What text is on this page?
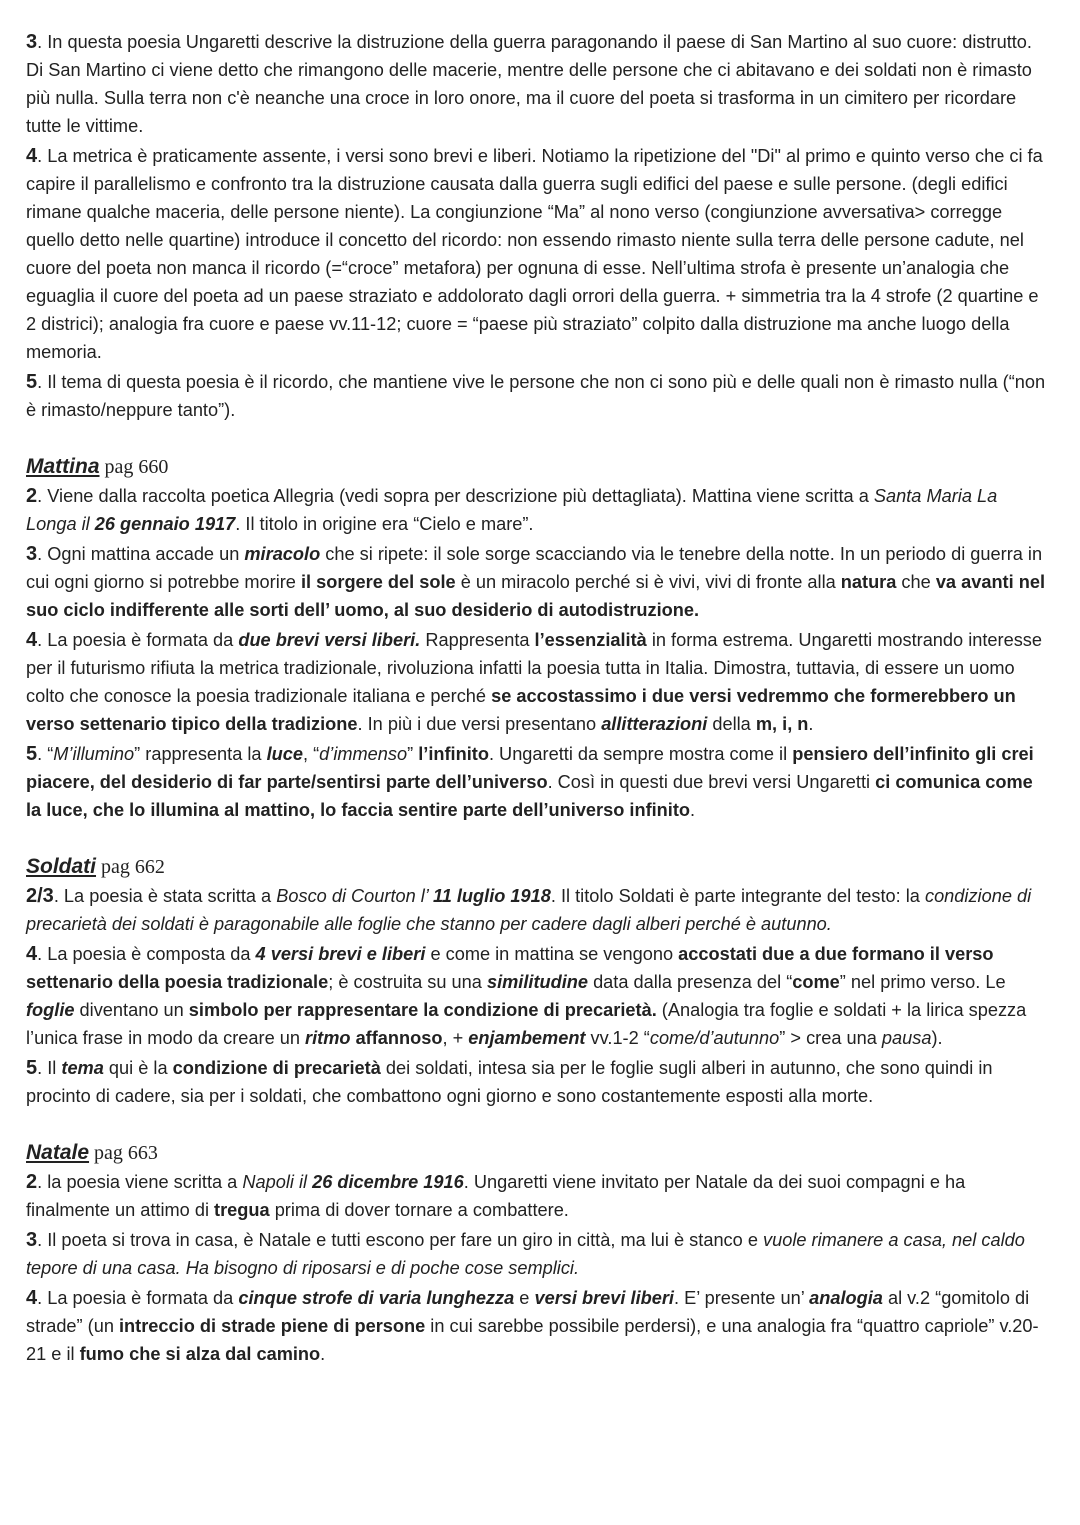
3. In questa poesia Ungaretti descrive la distruzione della guerra paragonando il paese di San Martino al suo cuore: distrutto. Di San Martino ci viene detto che rimangono delle macerie, mentre delle persone che ci abitavano e dei soldati non è rimasto più nulla. Sulla terra non c'è neanche una croce in loro onore, ma il cuore del poeta si trasforma in un cimitero per ricordare tutte le vittime.

4. La metrica è praticamente assente, i versi sono brevi e liberi. Notiamo la ripetizione del "Di" al primo e quinto verso che ci fa capire il parallelismo e confronto tra la distruzione causata dalla guerra sugli edifici del paese e sulle persone. (degli edifici rimane qualche maceria, delle persone niente). La congiunzione “Ma” al nono verso (congiunzione avversativa> corregge quello detto nelle quartine) introduce il concetto del ricordo: non essendo rimasto niente sulla terra delle persone cadute, nel cuore del poeta non manca il ricordo (=“croce” metafora) per ognuna di esse. Nell’ultima strofa è presente un’analogia che eguaglia il cuore del poeta ad un paese straziato e addolorato dagli orrori della guerra. + simmetria tra la 4 strofe (2 quartine e 2 districi); analogia fra cuore e paese vv.11-12; cuore = “paese più straziato” colpito dalla distruzione ma anche luogo della memoria.

5. Il tema di questa poesia è il ricordo, che mantiene vive le persone che non ci sono più e delle quali non è rimasto nulla (“non è rimasto/neppure tanto”).

Mattina pag 660

2. Viene dalla raccolta poetica Allegria (vedi sopra per descrizione più dettagliata). Mattina viene scritta a Santa Maria La Longa il 26 gennaio 1917. Il titolo in origine era “Cielo e mare”.

3. Ogni mattina accade un miracolo che si ripete: il sole sorge scacciando via le tenebre della notte. In un periodo di guerra in cui ogni giorno si potrebbe morire il sorgere del sole è un miracolo perché si è vivi, vivi di fronte alla natura che va avanti nel suo ciclo indifferente alle sorti dell’ uomo, al suo desiderio di autodistruzione.

4. La poesia è formata da due brevi versi liberi. Rappresenta l’essenzialità in forma estrema. Ungaretti mostrando interesse per il futurismo rifiuta la metrica tradizionale, rivoluziona infatti la poesia tutta in Italia. Dimostra, tuttavia, di essere un uomo colto che conosce la poesia tradizionale italiana e perché se accostassimo i due versi vedremmo che formerebbero un verso settenario tipico della tradizione. In più i due versi presentano allitterazioni della m, i, n.

5. “M’illumino” rappresenta la luce, “d’immenso” l’infinito. Ungaretti da sempre mostra come il pensiero dell’infinito gli crei piacere, del desiderio di far parte/sentirsi parte dell’universo. Così in questi due brevi versi Ungaretti ci comunica come la luce, che lo illumina al mattino, lo faccia sentire parte dell’universo infinito.

Soldati pag 662

2/3. La poesia è stata scritta a Bosco di Courton l’ 11 luglio 1918. Il titolo Soldati è parte integrante del testo: la condizione di precarietà dei soldati è paragonabile alle foglie che stanno per cadere dagli alberi perché è autunno.

4. La poesia è composta da 4 versi brevi e liberi e come in mattina se vengono accostati due a due formano il verso settenario della poesia tradizionale; è costruita su una similitudine data dalla presenza del “come” nel primo verso. Le foglie diventano un simbolo per rappresentare la condizione di precarietà. (Analogia tra foglie e soldati + la lirica spezza l’unica frase in modo da creare un ritmo affannoso, + enjambement vv.1-2 “come/d’autunno” > crea una pausa).

5. Il tema qui è la condizione di precarietà dei soldati, intesa sia per le foglie sugli alberi in autunno, che sono quindi in procinto di cadere, sia per i soldati, che combattono ogni giorno e sono costantemente esposti alla morte.

Natale pag 663

2. la poesia viene scritta a Napoli il 26 dicembre 1916. Ungaretti viene invitato per Natale da dei suoi compagni e ha finalmente un attimo di tregua prima di dover tornare a combattere.

3. Il poeta si trova in casa, è Natale e tutti escono per fare un giro in città, ma lui è stanco e vuole rimanere a casa, nel caldo tepore di una casa. Ha bisogno di riposarsi e di poche cose semplici.

4. La poesia è formata da cinque strofe di varia lunghezza e versi brevi liberi. E’ presente un’ analogia al v.2 “gomitolo di strade” (un intreccio di strade piene di persone in cui sarebbe possibile perdersi), e una analogia fra “quattro capriole” v.20-21 e il fumo che si alza dal camino.
